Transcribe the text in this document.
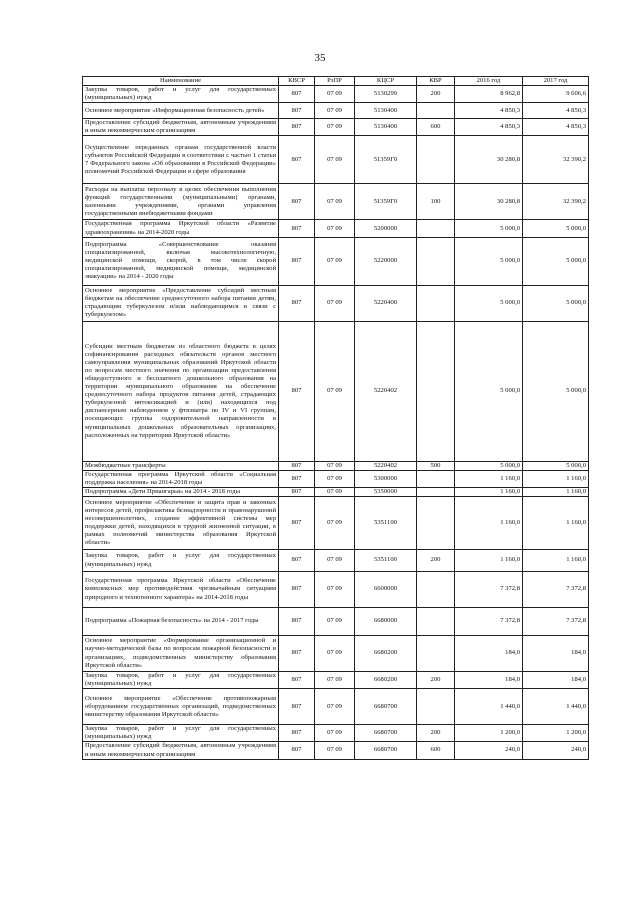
35
Наименование	КВСР	РзПР	КЦСР	КВР	2016 год	2017 год
Закупка товаров, работ и услуг для государственных (муниципальных) нужд	807	07 09	5130299	200	8 962,8	9 606,6
Основное мероприятие «Информационная безопасность детей»	807	07 09	5130400		4 850,3	4 850,3
Предоставление субсидий бюджетным, автономным учреждениям и иным некоммерческим организациям	807	07 09	5130400	600	4 850,3	4 850,3
Осуществление переданных органам государственной власти субъектов Российской Федерации в соответствии с частью 1 статьи 7 Федерального закона «Об образовании в Российской Федерации» полномочий Российской Федерации в сфере образования	807	07 09	51359Г0		30 280,8	32 390,2
Расходы на выплаты персоналу в целях обеспечения выполнения функций государственными (муниципальными) органами, казенными учреждениями, органами управления государственными внебюджетными фондами	807	07 09	51359Г0	100	30 280,8	32 390,2
Государственная программа Иркутской области «Развитие здравоохранения» на 2014-2020 годы	807	07 09	5200000		5 000,0	5 000,0
Подпрограмма «Совершенствование оказания специализированной, включая высокотехнологичную, медицинской помощи, скорой, в том числе скорой специализированной, медицинской помощи, медицинской эвакуации» на 2014 - 2020 годы	807	07 09	5220000		5 000,0	5 000,0
Основное мероприятие «Предоставление субсидий местным бюджетам на обеспечение среднесуточного набора питания детям, страдающим туберкулезом и/или наблюдающимся в связи с туберкулезом»	807	07 09	5220400		5 000,0	5 000,0
Субсидии местным бюджетам из областного бюджета в целях софинансирования расходных обязательств органов местного самоуправления муниципальных образований Иркутской области по вопросам местного значения по организации предоставления общедоступного и бесплатного дошкольного образования на территории муниципального образования на обеспечение среднесуточного набора продуктов питания детей, страдающих туберкулезной интоксикацией и (или) находящихся под диспансерным наблюдением у фтизиатра по IV и VI группам, посещающих группы оздоровительной направленности в муниципальных дошкольных образовательных организациях, расположенных на территории Иркутской области»	807	07 09	5220402		5 000,0	5 000,0
Межбюджетные трансферты	807	07 09	5220402	500	5 000,0	5 000,0
Государственная программа Иркутской области «Социальная поддержка населения» на 2014-2018 годы	807	07 09	5300000		1 160,0	1 160,0
Подпрограмма «Дети Приангарья» на 2014 - 2018 годы	807	07 09	5350000		1 160,0	1 160,0
Основное мероприятие «Обеспечение и защита прав и законных интересов детей, профилактика безнадзорности и правонарушений несовершеннолетних, создание эффективной системы мер поддержки детей, находящихся в трудной жизненной ситуации, в рамках полномочий министерства образования Иркутской области»	807	07 09	5351100		1 160,0	1 160,0
Закупка товаров, работ и услуг для государственных (муниципальных) нужд	807	07 09	5351100	200	1 160,0	1 160,0
Государственная программа Иркутской области «Обеспечение комплексных мер противодействия чрезвычайным ситуациям природного и техногенного характера» на 2014-2018 годы	807	07 09	6600000		7 372,8	7 372,8
Подпрограмма «Пожарная безопасность» на 2014 - 2017 годы	807	07 09	6680000		7 372,8	7 372,8
Основное мероприятие «Формирование организационной и научно-методической базы по вопросам пожарной безопасности в организациях, подведомственных министерству образования Иркутской области»	807	07 09	6680200		184,0	184,0
Закупка товаров, работ и услуг для государственных (муниципальных) нужд	807	07 09	6680200	200	184,0	184,0
Основное мероприятие «Обеспечение противопожарным оборудованием государственных организаций, подведомственных министерству образования Иркутской области»	807	07 09	6680700		1 440,0	1 440,0
Закупка товаров, работ и услуг для государственных (муниципальных) нужд	807	07 09	6680700	200	1 200,0	1 200,0
Предоставление субсидий бюджетным, автономным учреждениям и иным некоммерческим организациям	807	07 09	6680700	600	240,0	240,0
